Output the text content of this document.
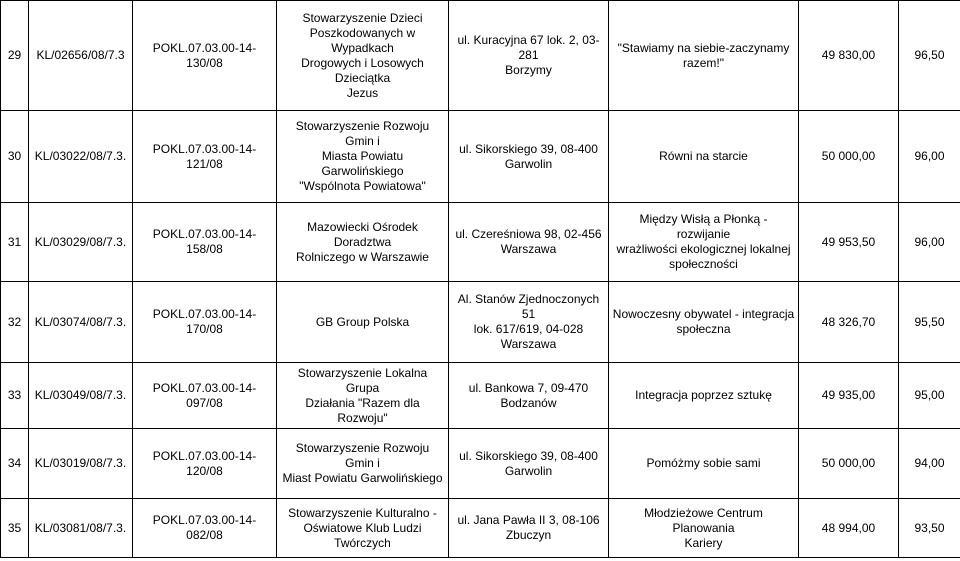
29	KL/02656/08/7.3	POKL.07.03.00-14-130/08	Stowarzyszenie Dzieci
Poszkodowanych w Wypadkach
Drogowych i Losowych Dzieciątka
Jezus	ul. Kuracyjna 67 lok. 2, 03-281
Borzymy	"Stawiamy na siebie-zaczynamy
razem!"	49 830,00	96,50
30	KL/03022/08/7.3.	POKL.07.03.00-14-121/08	Stowarzyszenie Rozwoju Gmin i
Miasta Powiatu Garwolińskiego
"Wspólnota Powiatowa"	ul. Sikorskiego 39, 08-400
Garwolin	Równi na starcie	50 000,00	96,00
31	KL/03029/08/7.3.	POKL.07.03.00-14-158/08	Mazowiecki Ośrodek Doradztwa
Rolniczego w Warszawie	ul. Czereśniowa 98, 02-456
Warszawa	Między Wisłą a Płonką - rozwijanie
wrażliwości ekologicznej lokalnej
społeczności	49 953,50	96,00
32	KL/03074/08/7.3.	POKL.07.03.00-14-170/08	GB Group Polska	Al. Stanów Zjednoczonych 51
lok. 617/619, 04-028 Warszawa	Nowoczesny obywatel - integracja
społeczna	48 326,70	95,50
33	KL/03049/08/7.3.	POKL.07.03.00-14-097/08	Stowarzyszenie Lokalna Grupa
Działania "Razem dla Rozwoju"	ul. Bankowa 7, 09-470
Bodzanów	Integracja poprzez sztukę	49 935,00	95,00
34	KL/03019/08/7.3.	POKL.07.03.00-14-120/08	Stowarzyszenie Rozwoju Gmin i
Miast Powiatu Garwolińskiego	ul. Sikorskiego 39, 08-400
Garwolin	Pomóżmy sobie sami	50 000,00	94,00
35	KL/03081/08/7.3.	POKL.07.03.00-14-082/08	Stowarzyszenie Kulturalno -
Oświatowe Klub Ludzi Twórczych	ul. Jana Pawła II 3, 08-106
Zbuczyn	Młodzieżowe Centrum Planowania
Kariery	48 994,00	93,50
